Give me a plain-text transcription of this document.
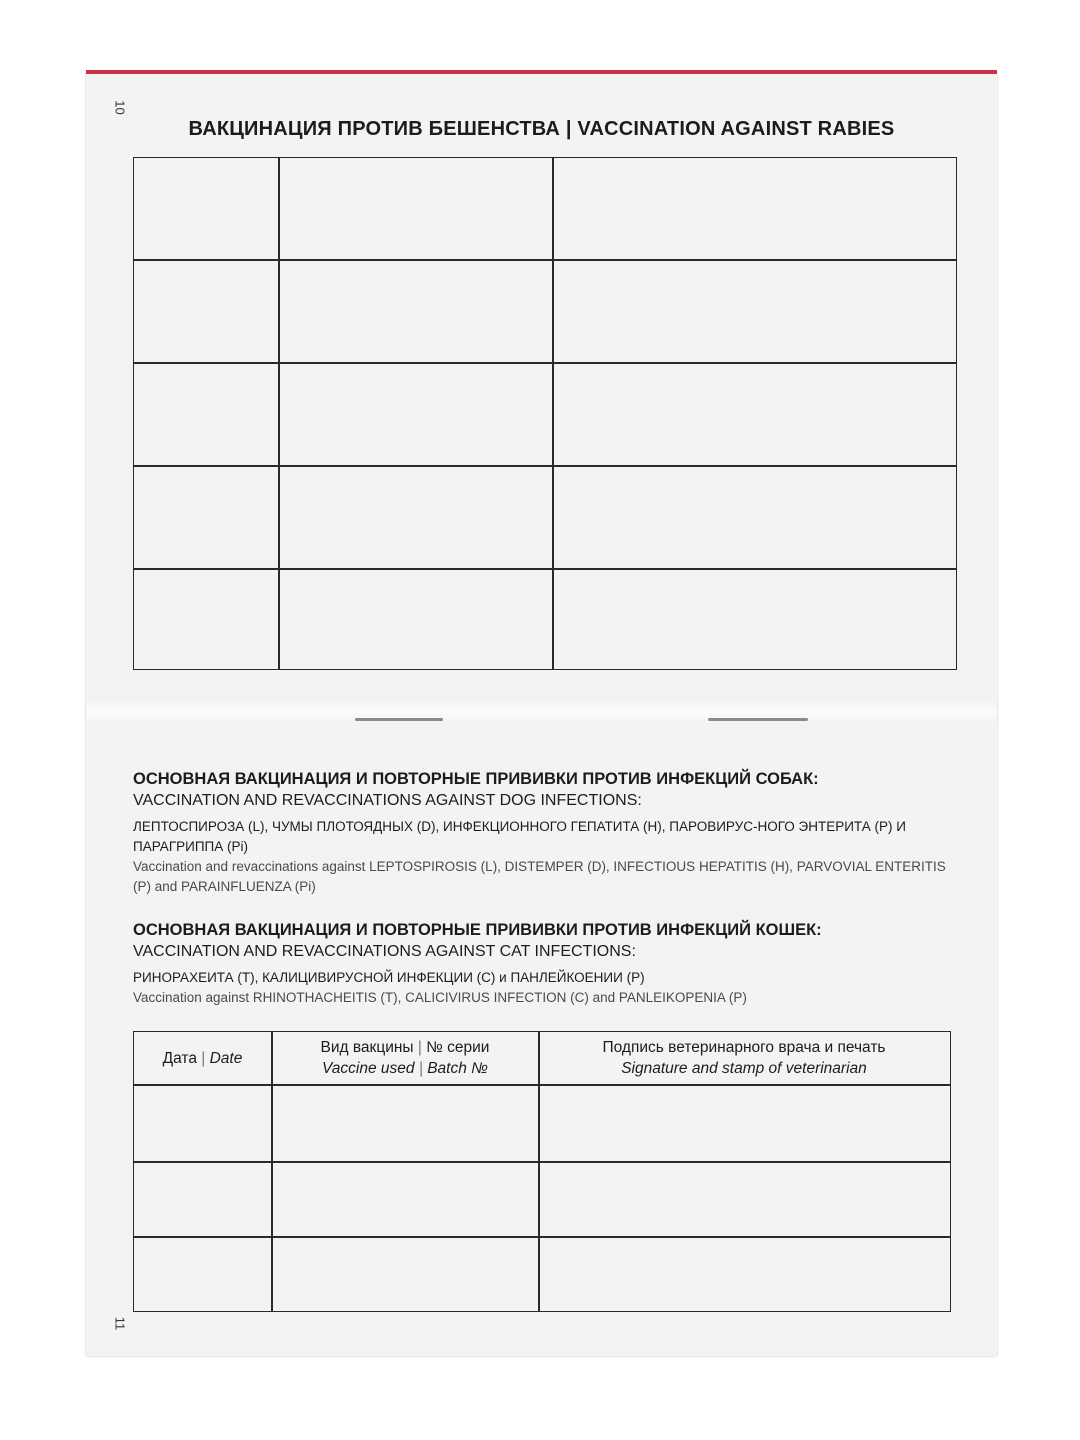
10
11
ВАКЦИНАЦИЯ ПРОТИВ БЕШЕНСТВА | VACCINATION AGAINST RABIES
ОСНОВНАЯ ВАКЦИНАЦИЯ И ПОВТОРНЫЕ ПРИВИВКИ ПРОТИВ ИНФЕКЦИЙ СОБАК:
VACCINATION AND REVACCINATIONS AGAINST DOG INFECTIONS:
ЛЕПТОСПИРОЗА (L), ЧУМЫ ПЛОТОЯДНЫХ (D), ИНФЕКЦИОННОГО ГЕПАТИТА (Н), ПАРОВИРУС-НОГО ЭНТЕРИТА (Р) И ПАРАГРИППА (Pi)
Vaccination and revaccinations against LEPTOSPIROSIS (L), DISTEMPER (D), INFECTIOUS HEPATITIS (H), PARVOVIAL ENTERITIS (P) and PARAINFLUENZA (Pi)
ОСНОВНАЯ ВАКЦИНАЦИЯ И ПОВТОРНЫЕ ПРИВИВКИ ПРОТИВ ИНФЕКЦИЙ КОШЕК:
VACCINATION AND REVACCINATIONS AGAINST CAT INFECTIONS:
РИНОРАХЕИТА (Т), КАЛИЦИВИРУСНОЙ ИНФЕКЦИИ (С) и ПАНЛЕЙКОЕНИИ (Р)
Vaccination against RHINOTHACHEITIS (T), CALICIVIRUS INFECTION (C) and PANLEIKOPENIA (P)
Дата | Date
Вид вакцины | № серии
Vaccine used | Batch №
Подпись ветеринарного врача и печать
Signature and stamp of veterinarian
